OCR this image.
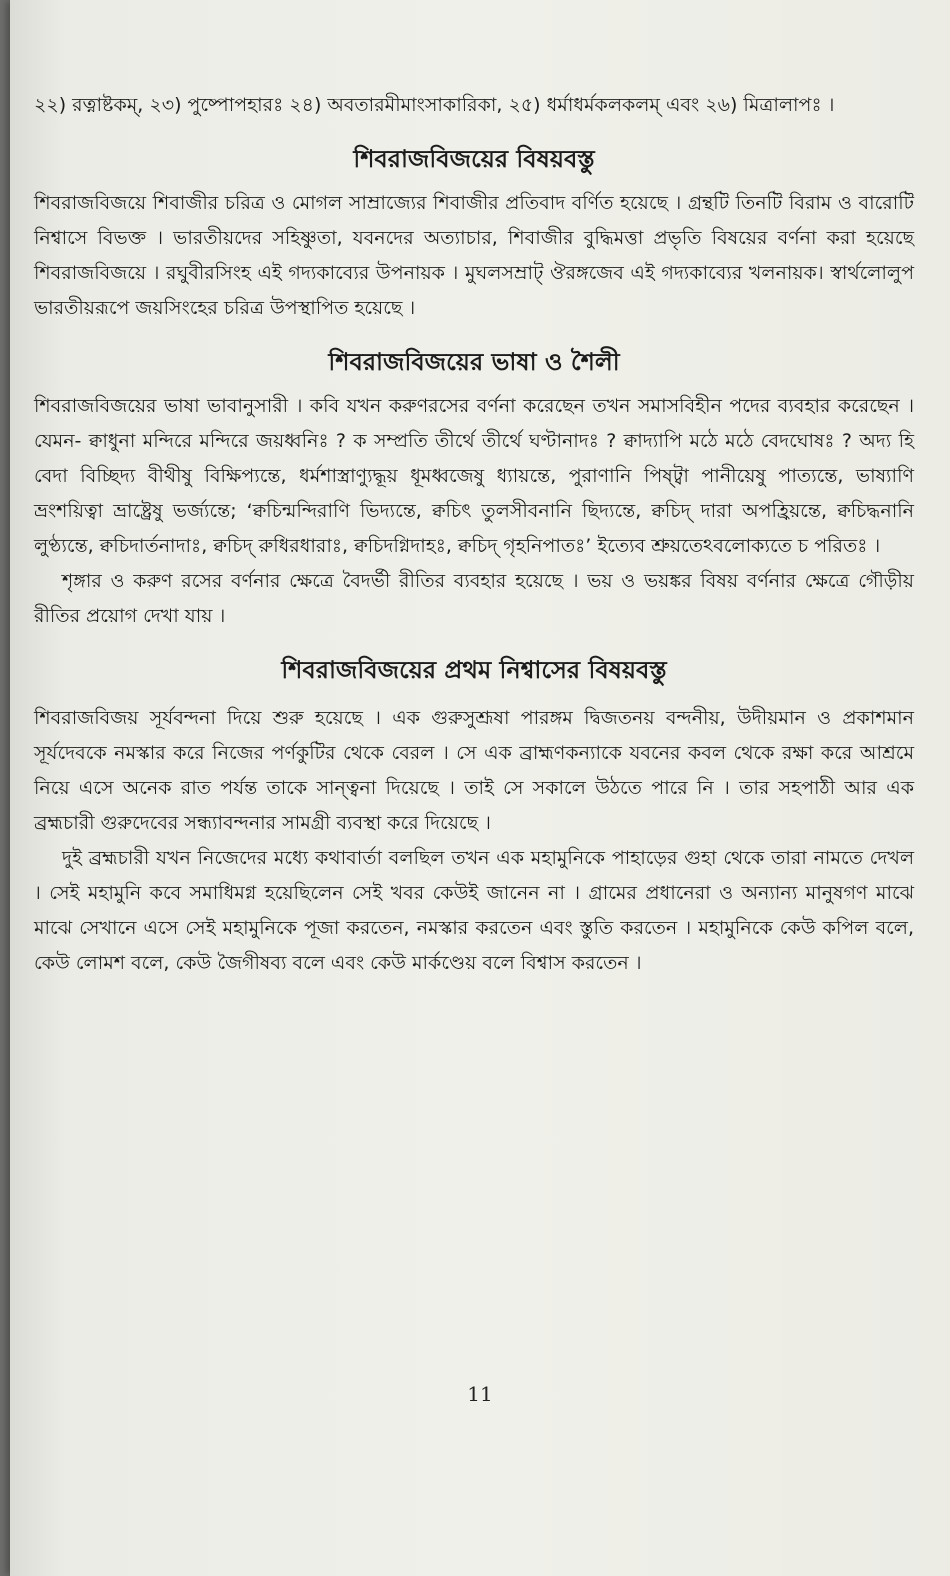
২২) রত্নাষ্টকম্‌, ২৩) পুষ্পোপহারঃ ২৪) অবতারমীমাংসাকারিকা, ২৫) ধর্মাধর্মকলকলম্‌ এবং ২৬) মিত্রালাপঃ ।

শিবরাজবিজয়ের বিষয়বস্তু

শিবরাজবিজয়ে শিবাজীর চরিত্র ও মোগল সাম্রাজ্যের শিবাজীর প্রতিবাদ বর্ণিত হয়েছে । গ্রন্থটি তিনটি বিরাম ও বারোটি নিশ্বাসে বিভক্ত । ভারতীয়দের সহিষ্ণুতা, যবনদের অত্যাচার, শিবাজীর বুদ্ধিমত্তা প্রভৃতি বিষয়ের বর্ণনা করা হয়েছে শিবরাজবিজয়ে । রঘুবীরসিংহ এই গদ্যকাব্যের উপনায়ক । মুঘলসম্রাট্‌ ঔরঙ্গজেব এই গদ্যকাব্যের খলনায়ক। স্বার্থলোলুপ ভারতীয়রূপে জয়সিংহের চরিত্র উপস্থাপিত হয়েছে ।

শিবরাজবিজয়ের ভাষা ও শৈলী

শিবরাজবিজয়ের ভাষা ভাবানুসারী । কবি যখন করুণরসের বর্ণনা করেছেন তখন সমাসবিহীন পদের ব্যবহার করেছেন । যেমন- ক্বাধুনা মন্দিরে মন্দিরে জয়ধ্বনিঃ ? ক সম্প্রতি তীর্থে তীর্থে ঘণ্টানাদঃ ? ক্বাদ্যাপি মঠে মঠে বেদঘোষঃ ? অদ্য হি বেদা বিচ্ছিদ্য বীথীষু বিক্ষিপ্যন্তে, ধর্মশাস্ত্রাণ্যুদ্ধূয় ধূমধ্বজেষু ধ্যায়ন্তে, পুরাণানি পিষ্ট্বা পানীয়েষু পাত্যন্তে, ভাষ্যাণি ভ্রংশয়িত্বা ভ্রাষ্ট্রেষু ভর্জ্যন্তে; ‘ক্বচিন্মন্দিরাণি ভিদ্যন্তে, ক্বচিৎ তুলসীবনানি ছিদ্যন্তে, ক্বচিদ্‌ দারা অপহ্রিয়ন্তে, ক্বচিদ্ধনানি লুণ্ঠ্যন্তে, ক্বচিদার্তনাদাঃ, ক্বচিদ্‌ রুধিরধারাঃ, ক্বচিদগ্নিদাহঃ, ক্বচিদ্‌ গৃহনিপাতঃ’ ইত্যেব শ্রুয়তেঽবলোক্যতে চ পরিতঃ ।

শৃঙ্গার ও করুণ রসের বর্ণনার ক্ষেত্রে বৈদর্ভী রীতির ব্যবহার হয়েছে । ভয় ও ভয়ঙ্কর বিষয় বর্ণনার ক্ষেত্রে গৌড়ীয় রীতির প্রয়োগ দেখা যায় ।

শিবরাজবিজয়ের প্রথম নিশ্বাসের বিষয়বস্তু

শিবরাজবিজয় সূর্যবন্দনা দিয়ে শুরু হয়েছে । এক গুরুসুশ্রূষা পারঙ্গম দ্বিজতনয় বন্দনীয়, উদীয়মান ও প্রকাশমান সূর্যদেবকে নমস্কার করে নিজের পর্ণকুটির থেকে বেরল । সে এক ব্রাহ্মণকন্যাকে যবনের কবল থেকে রক্ষা করে আশ্রমে নিয়ে এসে অনেক রাত পর্যন্ত তাকে সান্ত্বনা দিয়েছে । তাই সে সকালে উঠতে পারে নি । তার সহপাঠী আর এক ব্রহ্মচারী গুরুদেবের সন্ধ্যাবন্দনার সামগ্রী ব্যবস্থা করে দিয়েছে ।

দুই ব্রহ্মচারী যখন নিজেদের মধ্যে কথাবার্তা বলছিল তখন এক মহামুনিকে পাহাড়ের গুহা থেকে তারা নামতে দেখল । সেই মহামুনি কবে সমাধিমগ্ন হয়েছিলেন সেই খবর কেউই জানেন না । গ্রামের প্রধানেরা ও অন্যান্য মানুষগণ মাঝে মাঝে সেখানে এসে সেই মহামুনিকে পূজা করতেন, নমস্কার করতেন এবং স্তুতি করতেন । মহামুনিকে কেউ কপিল বলে, কেউ লোমশ বলে, কেউ জৈগীষব্য বলে এবং কেউ মার্কণ্ডেয় বলে বিশ্বাস করতেন ।

11
